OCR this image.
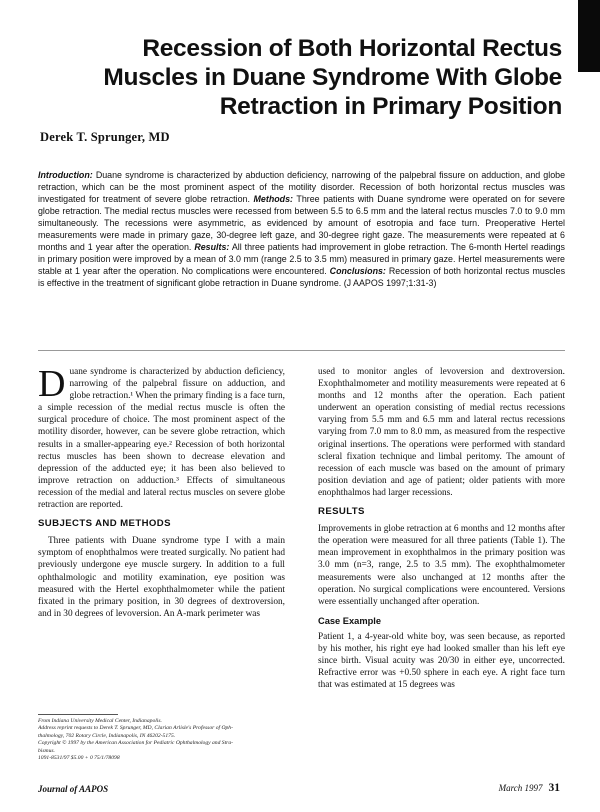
Recession of Both Horizontal Rectus
Muscles in Duane Syndrome With Globe
Retraction in Primary Position
Derek T. Sprunger, MD
Introduction: Duane syndrome is characterized by abduction deficiency, narrowing of the palpebral fissure on adduction, and globe retraction, which can be the most prominent aspect of the motility disorder. Recession of both horizontal rectus muscles was investigated for treatment of severe globe retraction. Methods: Three patients with Duane syndrome were operated on for severe globe retraction. The medial rectus muscles were recessed from between 5.5 to 6.5 mm and the lateral rectus muscles 7.0 to 9.0 mm simultaneously. The recessions were asymmetric, as evidenced by amount of esotropia and face turn. Preoperative Hertel measurements were made in primary gaze, 30-degree left gaze, and 30-degree right gaze. The measurements were repeated at 6 months and 1 year after the operation. Results: All three patients had improvement in globe retraction. The 6-month Hertel readings in primary position were improved by a mean of 3.0 mm (range 2.5 to 3.5 mm) measured in primary gaze. Hertel measurements were stable at 1 year after the operation. No complications were encountered. Conclusions: Recession of both horizontal rectus muscles is effective in the treatment of significant globe retraction in Duane syndrome. (J AAPOS 1997;1:31-3)

Duane syndrome is characterized by abduction deficiency, narrowing of the palpebral fissure on adduction, and globe retraction.¹ When the primary finding is a face turn, a simple recession of the medial rectus muscle is often the surgical procedure of choice. The most prominent aspect of the motility disorder, however, can be severe globe retraction, which results in a smaller-appearing eye.² Recession of both horizontal rectus muscles has been shown to decrease elevation and depression of the adducted eye; it has been also believed to improve retraction on adduction.³ Effects of simultaneous recession of the medial and lateral rectus muscles on severe globe retraction are reported.

SUBJECTS AND METHODS

Three patients with Duane syndrome type I with a main symptom of enophthalmos were treated surgically. No patient had previously undergone eye muscle surgery. In addition to a full ophthalmologic and motility examination, eye position was measured with the Hertel exophthalmometer while the patient fixated in the primary position, in 30 degrees of dextroversion, and in 30 degrees of levoversion. An A-mark perimeter was

used to monitor angles of levoversion and dextroversion. Exophthalmometer and motility measurements were repeated at 6 months and 12 months after the operation. Each patient underwent an operation consisting of medial rectus recessions varying from 5.5 mm and 6.5 mm and lateral rectus recessions varying from 7.0 mm to 8.0 mm, as measured from the respective original insertions. The operations were performed with standard scleral fixation technique and limbal peritomy. The amount of recession of each muscle was based on the amount of primary position deviation and age of patient; older patients with more enophthalmos had larger recessions.

RESULTS

Improvements in globe retraction at 6 months and 12 months after the operation were measured for all three patients (Table 1). The mean improvement in exophthalmos in the primary position was 3.0 mm (n=3, range, 2.5 to 3.5 mm). The exophthalmometer measurements were also unchanged at 12 months after the operation. No surgical complications were encountered. Versions were essentially unchanged after operation.

Case Example

Patient 1, a 4-year-old white boy, was seen because, as reported by his mother, his right eye had looked smaller than his left eye since birth. Visual acuity was 20/30 in either eye, uncorrected. Refractive error was +0.50 sphere in each eye. A right face turn that was estimated at 15 degrees was

From Indiana University Medical Center, Indianapolis.
Address reprint requests to Derek T. Sprunger, MD, Clarian Arlisle's Professor of Oph-
thalmology, 702 Rotary Circle, Indianapolis, IN 46202-5175.
Copyright © 1997 by the American Association for Pediatric Ophthalmology and Stra-
bismus.
1091-8531/97 $5.00 + 0 75/1/78098
Journal of AAPOS	March 1997 31
